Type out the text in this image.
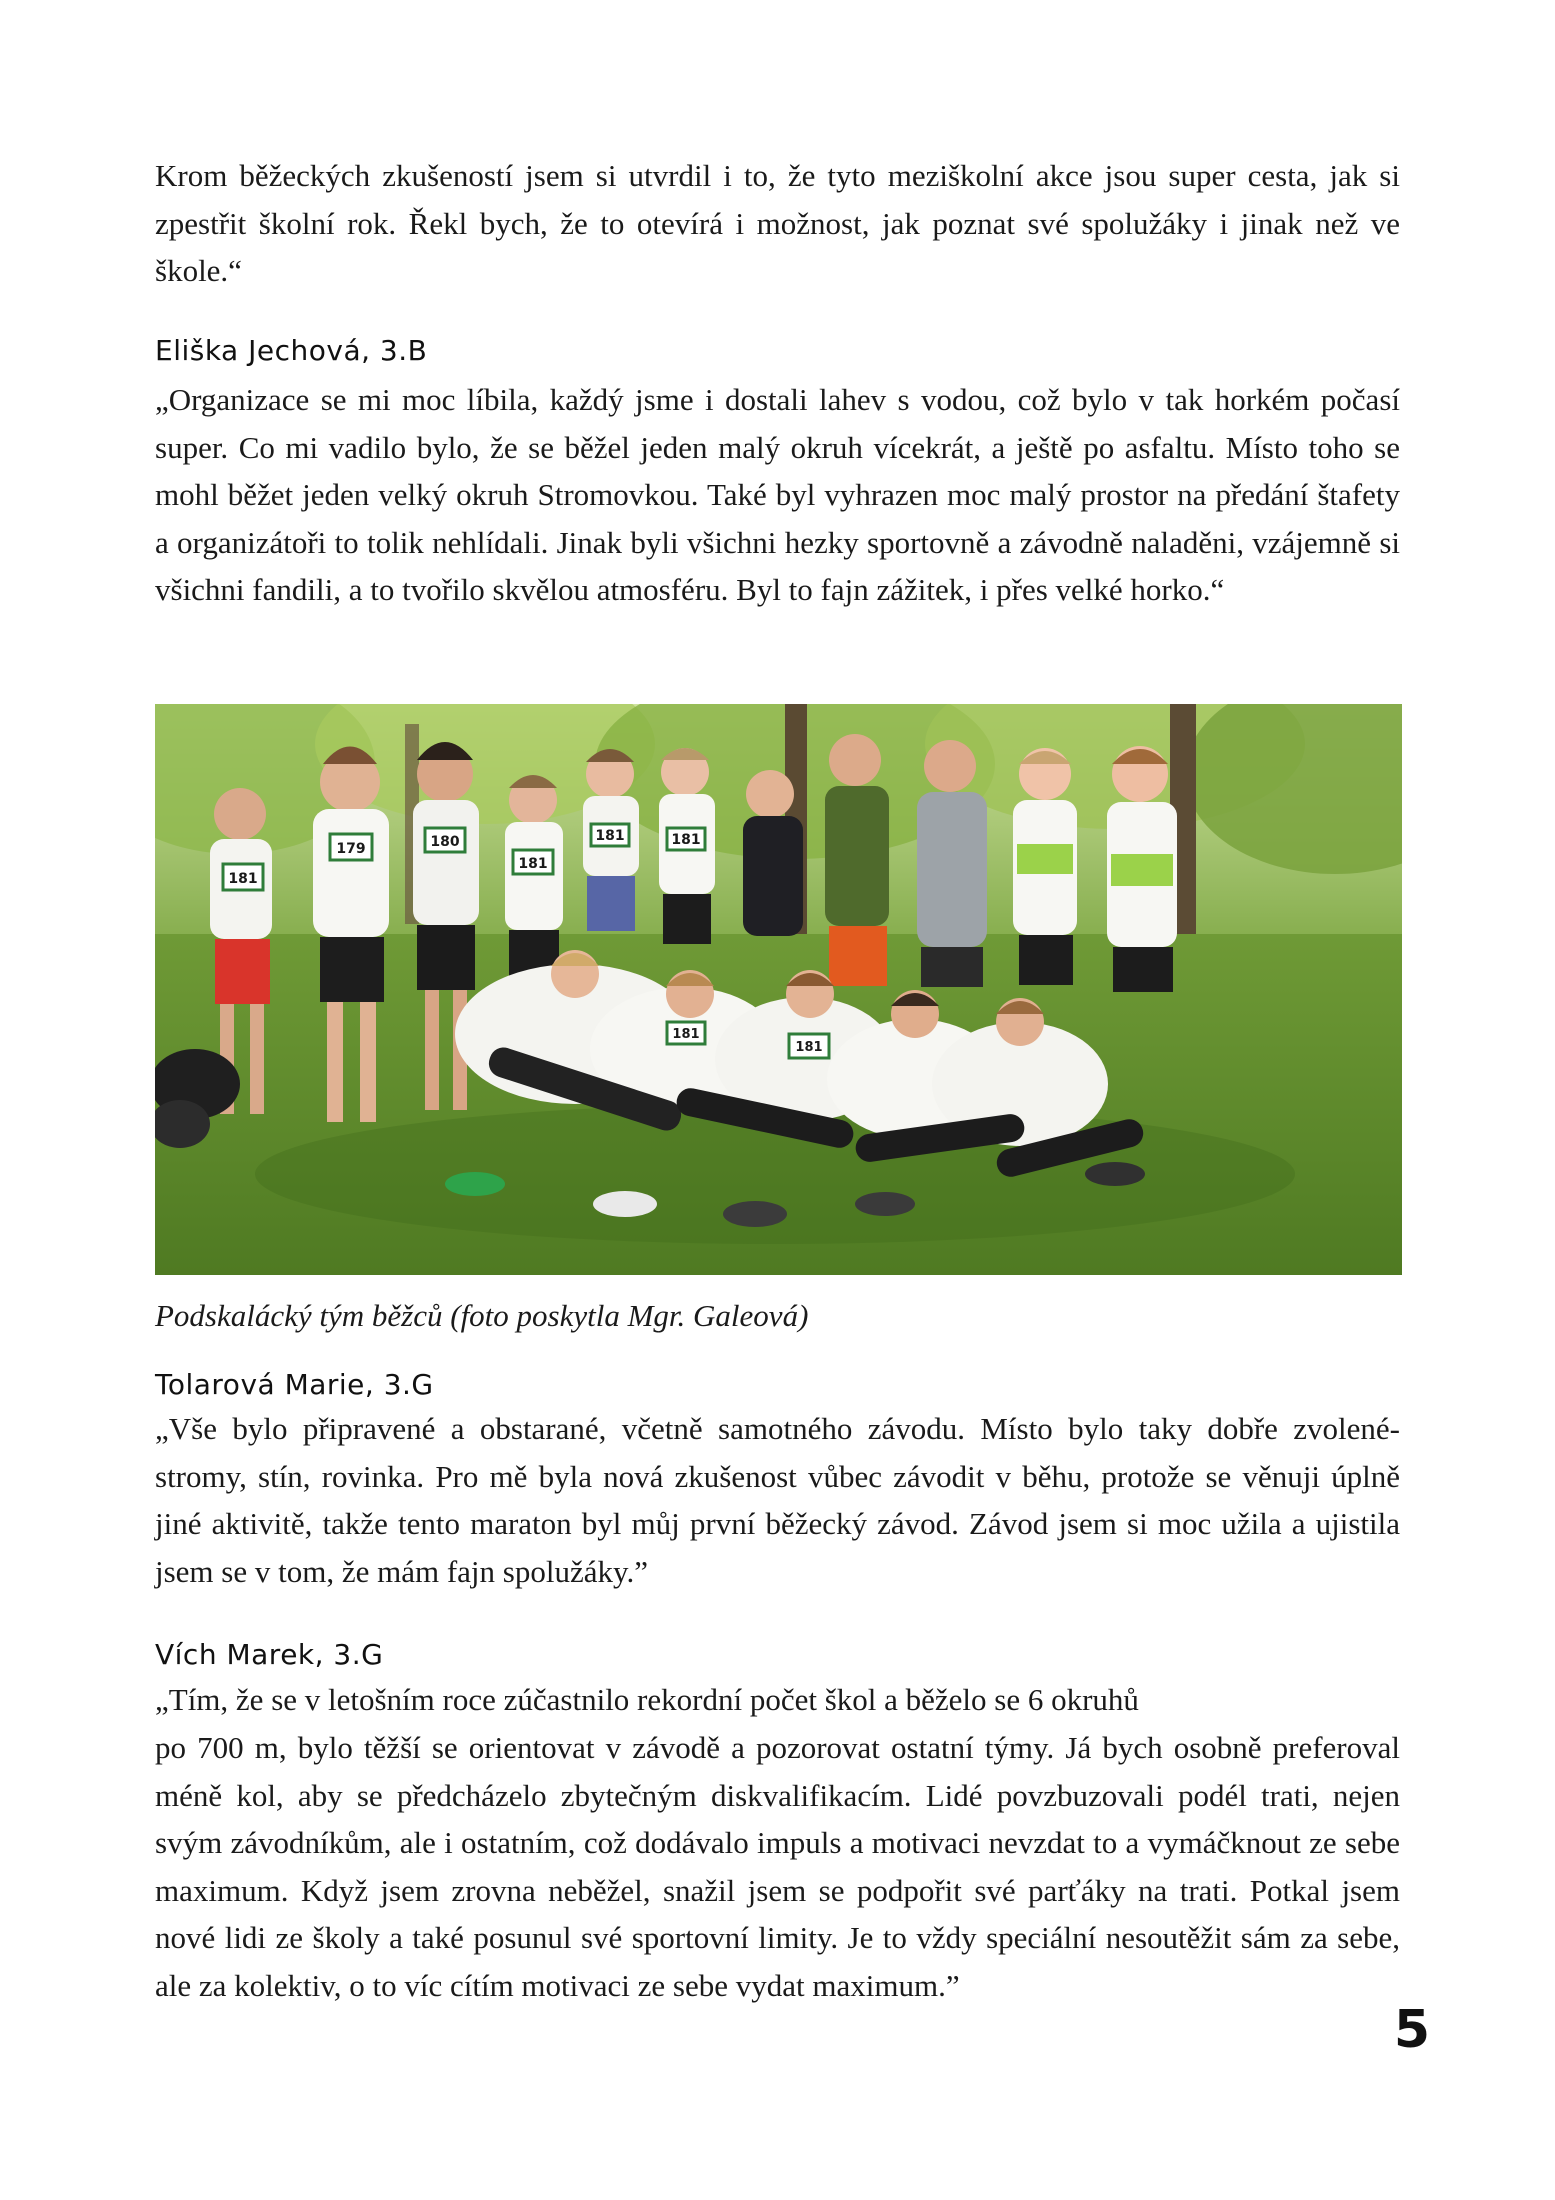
Krom běžeckých zkušeností jsem si utvrdil i to, že tyto meziškolní akce jsou super cesta, jak si zpestřit školní rok. Řekl bych, že to otevírá i možnost, jak poznat své spolužáky i jinak než ve škole.“

Eliška Jechová, 3.B

„Organizace se mi moc líbila, každý jsme i dostali lahev s vodou, což bylo v tak horkém počasí super. Co mi vadilo bylo, že se běžel jeden malý okruh vícekrát, a ještě po asfaltu. Místo toho se mohl běžet jeden velký okruh Stromovkou. Také byl vyhrazen moc malý prostor na předání štafety a organizátoři to tolik nehlídali. Jinak byli všichni hezky sportovně a závodně naladěni, vzájemně si všichni fandili, a to tvořilo skvělou atmosféru. Byl to fajn zážitek, i přes velké horko.“

181
179	180
181
181	181
181
181

Podskalácký tým běžců (foto poskytla Mgr. Galeová)

Tolarová Marie, 3.G

„Vše bylo připravené a obstarané, včetně samotného závodu. Místo bylo taky dobře zvolené-stromy, stín, rovinka. Pro mě byla nová zkušenost vůbec závodit v běhu, protože se věnuji úplně jiné aktivitě, takže tento maraton byl můj první běžecký závod. Závod jsem si moc užila a ujistila jsem se v tom, že mám fajn spolužáky.”

Vích Marek, 3.G

„Tím, že se v letošním roce zúčastnilo rekordní počet škol a běželo se 6 okruhů

po 700 m, bylo těžší se orientovat v závodě a pozorovat ostatní týmy. Já bych osobně preferoval méně kol, aby se předcházelo zbytečným diskvalifikacím. Lidé povzbuzovali podél trati, nejen svým závodníkům, ale i ostatním, což dodávalo impuls a motivaci nevzdat to a vymáčknout ze sebe maximum. Když jsem zrovna neběžel, snažil jsem se podpořit své parťáky na trati. Potkal jsem nové lidi ze školy a také posunul své sportovní limity. Je to vždy speciální nesoutěžit sám za sebe, ale za kolektiv, o to víc cítím motivaci ze sebe vydat maximum.”

5
